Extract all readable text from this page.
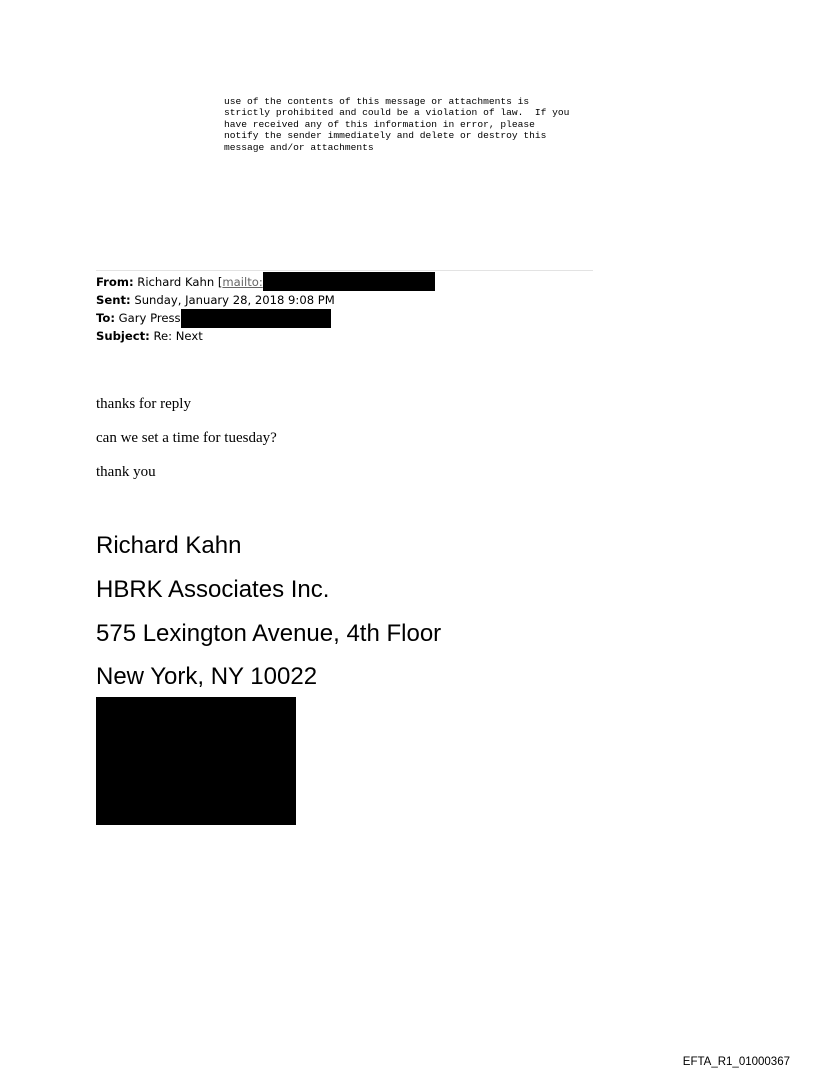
use of the contents of this message or attachments is
strictly prohibited and could be a violation of law.  If you
have received any of this information in error, please
notify the sender immediately and delete or destroy this
message and/or attachments
From: Richard Kahn [mailto:
Sent: Sunday, January 28, 2018 9:08 PM
To: Gary Press
Subject: Re: Next
thanks for reply
can we set a time for tuesday?
thank you
Richard Kahn
HBRK Associates Inc.
575 Lexington Avenue, 4th Floor
New York, NY 10022
EFTA_R1_01000367
